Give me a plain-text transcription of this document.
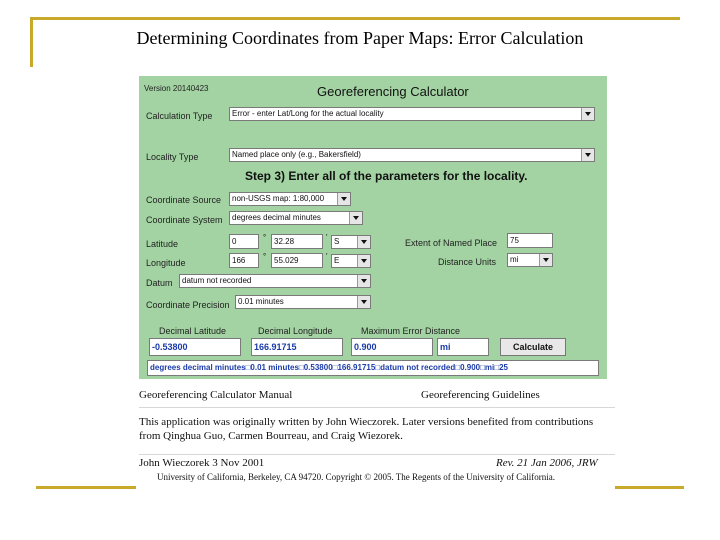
Determining Coordinates from Paper Maps: Error Calculation
Version 20140423	Georeferencing Calculator
Calculation Type	Error - enter Lat/Long for the actual locality
Locality Type	Named place only (e.g., Bakersfield)
Step 3) Enter all of the parameters for the locality.
Coordinate Source	non-USGS map: 1:80,000
Coordinate System	degrees decimal minutes
Latitude	0	° 32.28	' S	Extent of Named Place	75
Longitude	166	° 55.029	' E	Distance Units	mi
Datum	datum not recorded
Coordinate Precision	0.01 minutes
Decimal Latitude	Decimal Longitude	Maximum Error Distance
-0.53800	166.91715	0.900	mi	Calculate
degrees decimal minutes□0.01 minutes□0.53800□166.91715□datum not recorded□0.900□mi□25
Georeferencing Calculator Manual	Georeferencing Guidelines
This application was originally written by John Wieczorek. Later versions benefited from contributions from Qinghua Guo, Carmen Bourreau, and Craig Wiezorek.
John Wieczorek 3 Nov 2001	Rev. 21 Jan 2006, JRW
University of California, Berkeley, CA 94720. Copyright © 2005. The Regents of the University of California.
